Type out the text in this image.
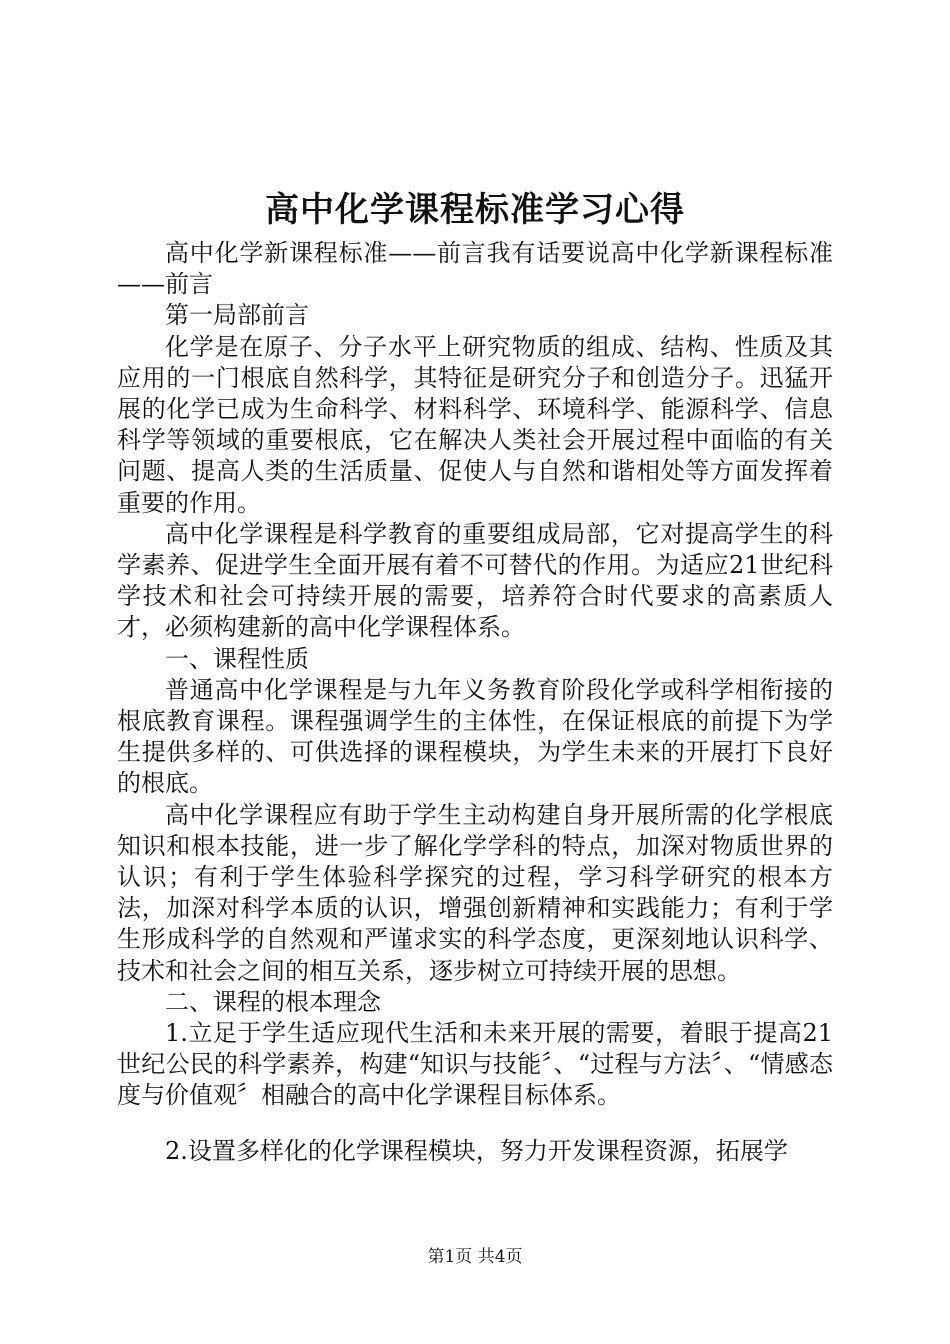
高中化学课程标准学习心得

高中化学新课程标准——前言我有话要说高中化学新课程标准——前言

第一局部前言

化学是在原子、分子水平上研究物质的组成、结构、性质及其应用的一门根底自然科学，其特征是研究分子和创造分子。迅猛开展的化学已成为生命科学、材料科学、环境科学、能源科学、信息科学等领域的重要根底，它在解决人类社会开展过程中面临的有关问题、提高人类的生活质量、促使人与自然和谐相处等方面发挥着重要的作用。

高中化学课程是科学教育的重要组成局部，它对提高学生的科学素养、促进学生全面开展有着不可替代的作用。为适应21世纪科学技术和社会可持续开展的需要，培养符合时代要求的高素质人才，必须构建新的高中化学课程体系。

一、课程性质

普通高中化学课程是与九年义务教育阶段化学或科学相衔接的根底教育课程。课程强调学生的主体性，在保证根底的前提下为学生提供多样的、可供选择的课程模块，为学生未来的开展打下良好的根底。

高中化学课程应有助于学生主动构建自身开展所需的化学根底知识和根本技能，进一步了解化学学科的特点，加深对物质世界的认识；有利于学生体验科学探究的过程，学习科学研究的根本方法，加深对科学本质的认识，增强创新精神和实践能力；有利于学生形成科学的自然观和严谨求实的科学态度，更深刻地认识科学、技术和社会之间的相互关系，逐步树立可持续开展的思想。

二、课程的根本理念

1.立足于学生适应现代生活和未来开展的需要，着眼于提高21世纪公民的科学素养，构建“知识与技能〞、“过程与方法〞、“情感态度与价值观〞相融合的高中化学课程目标体系。

2.设置多样化的化学课程模块，努力开发课程资源，拓展学

第1页 共4页
